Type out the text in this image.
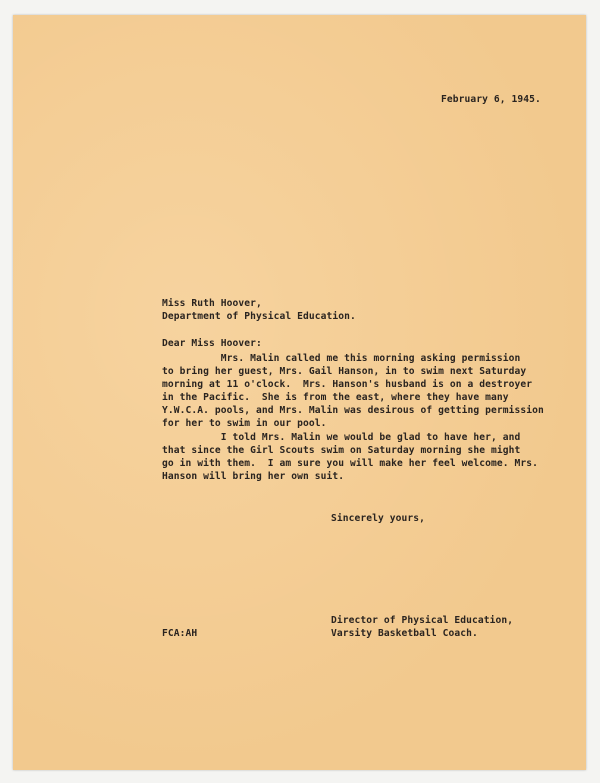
February 6, 1945.
Miss Ruth Hoover,
Department of Physical Education.
Dear Miss Hoover:
Mrs. Malin called me this morning asking permission
to bring her guest, Mrs. Gail Hanson, in to swim next Saturday
morning at 11 o'clock.  Mrs. Hanson's husband is on a destroyer
in the Pacific.  She is from the east, where they have many
Y.W.C.A. pools, and Mrs. Malin was desirous of getting permission
for her to swim in our pool.
I told Mrs. Malin we would be glad to have her, and
that since the Girl Scouts swim on Saturday morning she might
go in with them.  I am sure you will make her feel welcome. Mrs.
Hanson will bring her own suit.
Sincerely yours,
Director of Physical Education,
Varsity Basketball Coach.
FCA:AH
